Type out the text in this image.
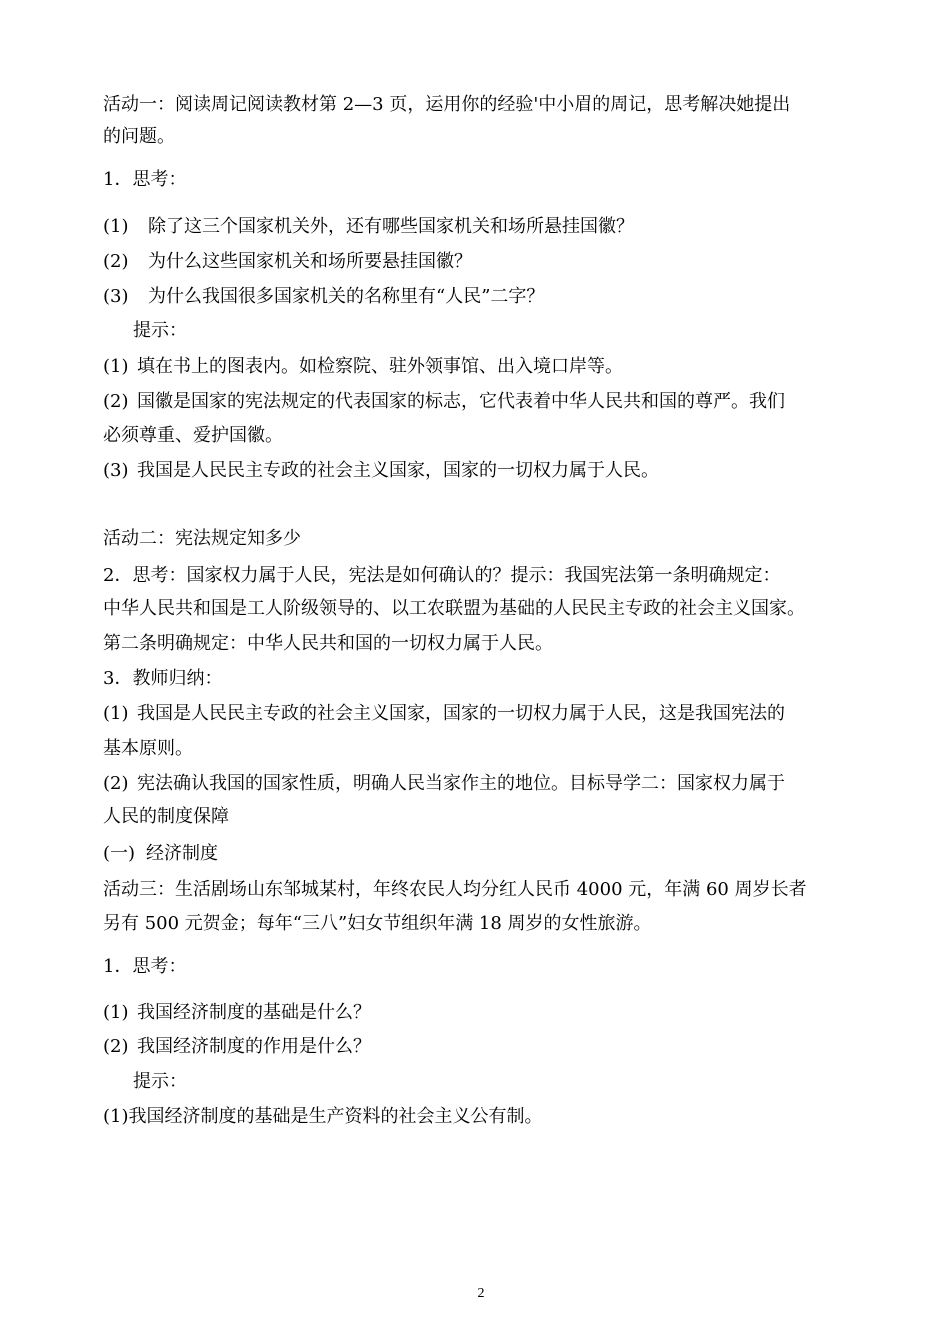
活动一：阅读周记阅读教材第 2—3 页，运用你的经验'中小眉的周记，思考解决她提出
的问题。
1．思考：
(1) 除了这三个国家机关外，还有哪些国家机关和场所悬挂国徽？
(2) 为什么这些国家机关和场所要悬挂国徽？
(3) 为什么我国很多国家机关的名称里有“人民”二字？
提示：
(1) 填在书上的图表内。如检察院、驻外领事馆、出入境口岸等。
(2) 国徽是国家的宪法规定的代表国家的标志，它代表着中华人民共和国的尊严。我们
必须尊重、爱护国徽。
(3) 我国是人民民主专政的社会主义国家，国家的一切权力属于人民。
活动二：宪法规定知多少
2．思考：国家权力属于人民，宪法是如何确认的？提示：我国宪法第一条明确规定：
中华人民共和国是工人阶级领导的、以工农联盟为基础的人民民主专政的社会主义国家。
第二条明确规定：中华人民共和国的一切权力属于人民。
3．教师归纳：
(1) 我国是人民民主专政的社会主义国家，国家的一切权力属于人民，这是我国宪法的
基本原则。
(2) 宪法确认我国的国家性质，明确人民当家作主的地位。目标导学二：国家权力属于
人民的制度保障
(一) 经济制度
活动三：生活剧场山东邹城某村，年终农民人均分红人民币 4000 元，年满 60 周岁长者
另有 500 元贺金；每年“三八”妇女节组织年满 18 周岁的女性旅游。
1．思考：
(1) 我国经济制度的基础是什么？
(2) 我国经济制度的作用是什么？
提示：
(1)我国经济制度的基础是生产资料的社会主义公有制。
2
